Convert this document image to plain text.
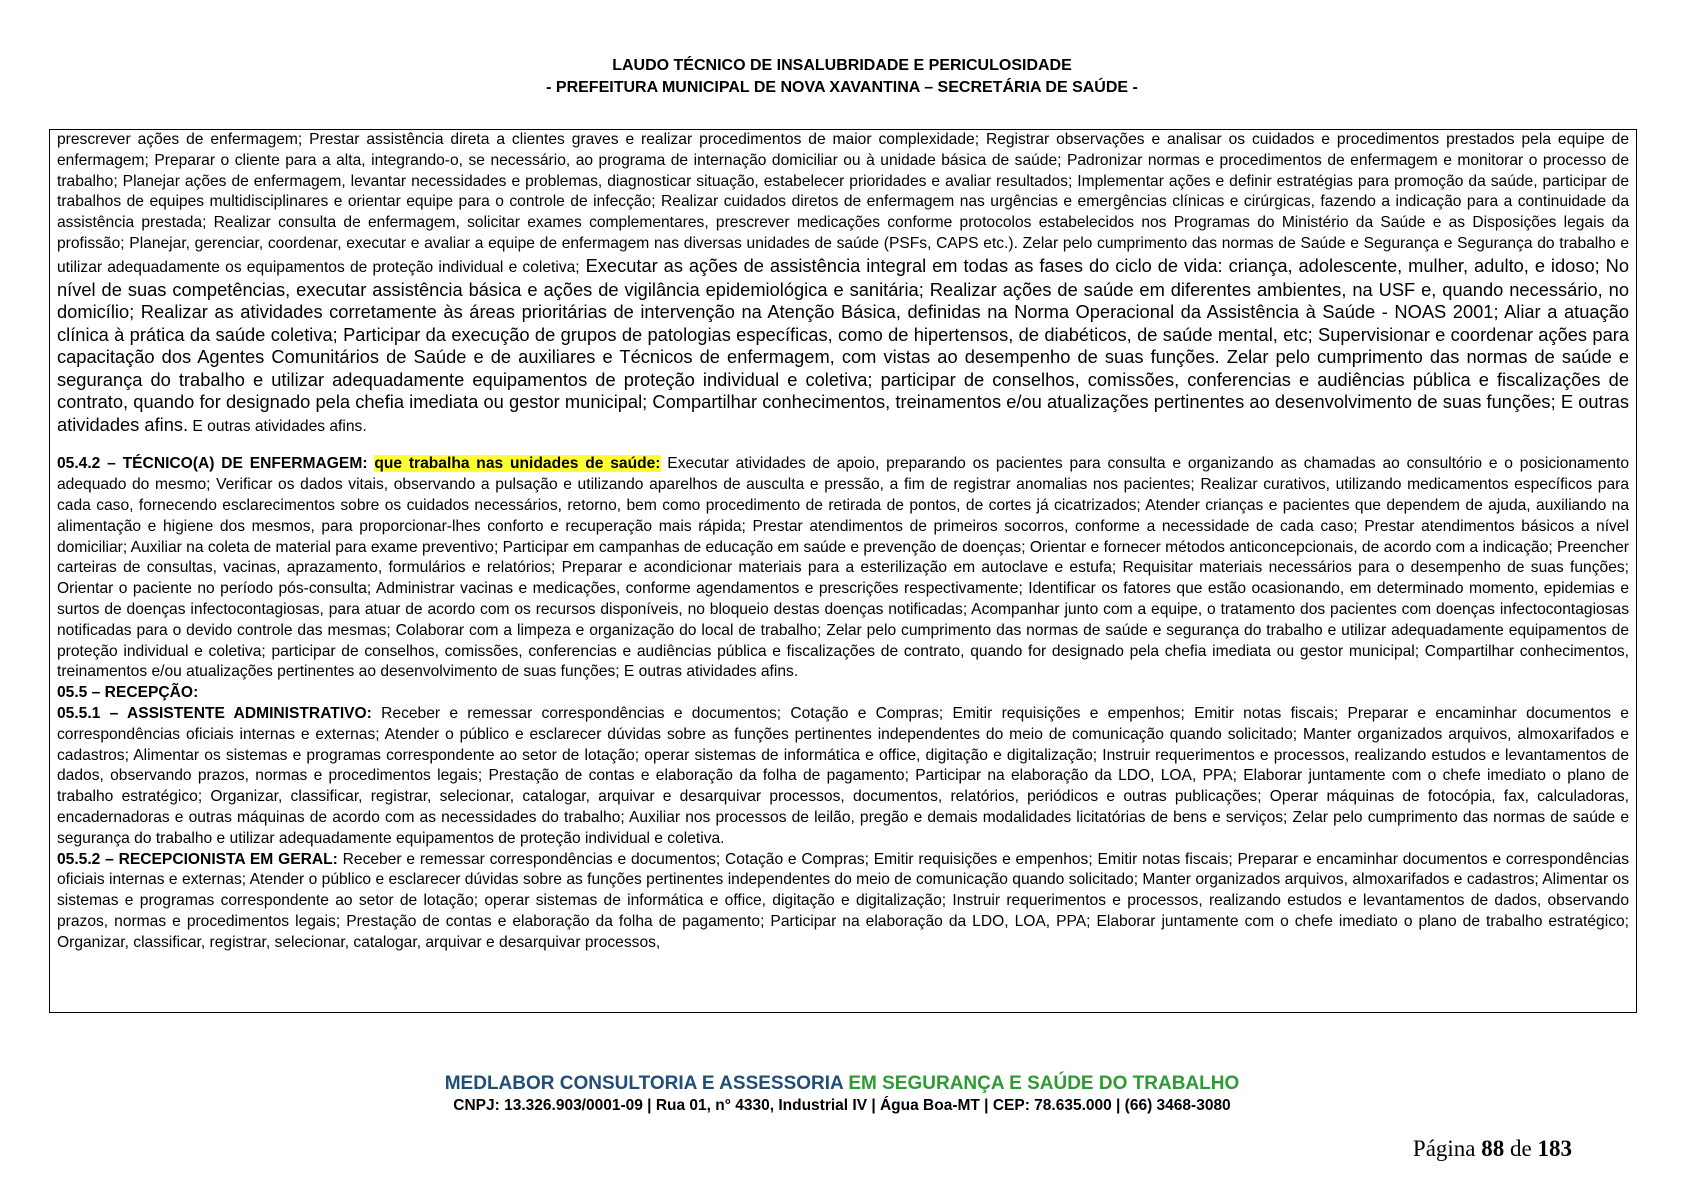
LAUDO TÉCNICO DE INSALUBRIDADE E PERICULOSIDADE
- PREFEITURA MUNICIPAL DE NOVA XAVANTINA – SECRETÁRIA DE SAÚDE -

prescrever ações de enfermagem; Prestar assistência direta a clientes graves e realizar procedimentos de maior complexidade; Registrar observações e analisar os cuidados e procedimentos prestados pela equipe de enfermagem; Preparar o cliente para a alta, integrando-o, se necessário, ao programa de internação domiciliar ou à unidade básica de saúde; Padronizar normas e procedimentos de enfermagem e monitorar o processo de trabalho; Planejar ações de enfermagem, levantar necessidades e problemas, diagnosticar situação, estabelecer prioridades e avaliar resultados; Implementar ações e definir estratégias para promoção da saúde, participar de trabalhos de equipes multidisciplinares e orientar equipe para o controle de infecção; Realizar cuidados diretos de enfermagem nas urgências e emergências clínicas e cirúrgicas, fazendo a indicação para a continuidade da assistência prestada; Realizar consulta de enfermagem, solicitar exames complementares, prescrever medicações conforme protocolos estabelecidos nos Programas do Ministério da Saúde e as Disposições legais da profissão; Planejar, gerenciar, coordenar, executar e avaliar a equipe de enfermagem nas diversas unidades de saúde (PSFs, CAPS etc.). Zelar pelo cumprimento das normas de Saúde e Segurança e Segurança do trabalho e utilizar adequadamente os equipamentos de proteção individual e coletiva; Executar as ações de assistência integral em todas as fases do ciclo de vida: criança, adolescente, mulher, adulto, e idoso; No nível de suas competências, executar assistência básica e ações de vigilância epidemiológica e sanitária; Realizar ações de saúde em diferentes ambientes, na USF e, quando necessário, no domicílio; Realizar as atividades corretamente às áreas prioritárias de intervenção na Atenção Básica, definidas na Norma Operacional da Assistência à Saúde - NOAS 2001; Aliar a atuação clínica à prática da saúde coletiva; Participar da execução de grupos de patologias específicas, como de hipertensos, de diabéticos, de saúde mental, etc; Supervisionar e coordenar ações para capacitação dos Agentes Comunitários de Saúde e de auxiliares e Técnicos de enfermagem, com vistas ao desempenho de suas funções. Zelar pelo cumprimento das normas de saúde e segurança do trabalho e utilizar adequadamente equipamentos de proteção individual e coletiva; participar de conselhos, comissões, conferencias e audiências pública e fiscalizações de contrato, quando for designado pela chefia imediata ou gestor municipal; Compartilhar conhecimentos, treinamentos e/ou atualizações pertinentes ao desenvolvimento de suas funções; E outras atividades afins. E outras atividades afins.

05.4.2 – TÉCNICO(A) DE ENFERMAGEM: que trabalha nas unidades de saúde: Executar atividades de apoio, preparando os pacientes para consulta e organizando as chamadas ao consultório e o posicionamento adequado do mesmo; Verificar os dados vitais, observando a pulsação e utilizando aparelhos de ausculta e pressão, a fim de registrar anomalias nos pacientes; Realizar curativos, utilizando medicamentos específicos para cada caso, fornecendo esclarecimentos sobre os cuidados necessários, retorno, bem como procedimento de retirada de pontos, de cortes já cicatrizados; Atender crianças e pacientes que dependem de ajuda, auxiliando na alimentação e higiene dos mesmos, para proporcionar-lhes conforto e recuperação mais rápida; Prestar atendimentos de primeiros socorros, conforme a necessidade de cada caso; Prestar atendimentos básicos a nível domiciliar; Auxiliar na coleta de material para exame preventivo; Participar em campanhas de educação em saúde e prevenção de doenças; Orientar e fornecer métodos anticoncepcionais, de acordo com a indicação; Preencher carteiras de consultas, vacinas, aprazamento, formulários e relatórios; Preparar e acondicionar materiais para a esterilização em autoclave e estufa; Requisitar materiais necessários para o desempenho de suas funções; Orientar o paciente no período pós-consulta; Administrar vacinas e medicações, conforme agendamentos e prescrições respectivamente; Identificar os fatores que estão ocasionando, em determinado momento, epidemias e surtos de doenças infectocontagiosas, para atuar de acordo com os recursos disponíveis, no bloqueio destas doenças notificadas; Acompanhar junto com a equipe, o tratamento dos pacientes com doenças infectocontagiosas notificadas para o devido controle das mesmas; Colaborar com a limpeza e organização do local de trabalho; Zelar pelo cumprimento das normas de saúde e segurança do trabalho e utilizar adequadamente equipamentos de proteção individual e coletiva; participar de conselhos, comissões, conferencias e audiências pública e fiscalizações de contrato, quando for designado pela chefia imediata ou gestor municipal; Compartilhar conhecimentos, treinamentos e/ou atualizações pertinentes ao desenvolvimento de suas funções; E outras atividades afins.

05.5 – RECEPÇÃO:

05.5.1 – ASSISTENTE ADMINISTRATIVO: Receber e remessar correspondências e documentos; Cotação e Compras; Emitir requisições e empenhos; Emitir notas fiscais; Preparar e encaminhar documentos e correspondências oficiais internas e externas; Atender o público e esclarecer dúvidas sobre as funções pertinentes independentes do meio de comunicação quando solicitado; Manter organizados arquivos, almoxarifados e cadastros; Alimentar os sistemas e programas correspondente ao setor de lotação; operar sistemas de informática e office, digitação e digitalização; Instruir requerimentos e processos, realizando estudos e levantamentos de dados, observando prazos, normas e procedimentos legais; Prestação de contas e elaboração da folha de pagamento; Participar na elaboração da LDO, LOA, PPA; Elaborar juntamente com o chefe imediato o plano de trabalho estratégico; Organizar, classificar, registrar, selecionar, catalogar, arquivar e desarquivar processos, documentos, relatórios, periódicos e outras publicações; Operar máquinas de fotocópia, fax, calculadoras, encadernadoras e outras máquinas de acordo com as necessidades do trabalho; Auxiliar nos processos de leilão, pregão e demais modalidades licitatórias de bens e serviços; Zelar pelo cumprimento das normas de saúde e segurança do trabalho e utilizar adequadamente equipamentos de proteção individual e coletiva.

05.5.2 – RECEPCIONISTA EM GERAL: Receber e remessar correspondências e documentos; Cotação e Compras; Emitir requisições e empenhos; Emitir notas fiscais; Preparar e encaminhar documentos e correspondências oficiais internas e externas; Atender o público e esclarecer dúvidas sobre as funções pertinentes independentes do meio de comunicação quando solicitado; Manter organizados arquivos, almoxarifados e cadastros; Alimentar os sistemas e programas correspondente ao setor de lotação; operar sistemas de informática e office, digitação e digitalização; Instruir requerimentos e processos, realizando estudos e levantamentos de dados, observando prazos, normas e procedimentos legais; Prestação de contas e elaboração da folha de pagamento; Participar na elaboração da LDO, LOA, PPA; Elaborar juntamente com o chefe imediato o plano de trabalho estratégico; Organizar, classificar, registrar, selecionar, catalogar, arquivar e desarquivar processos,

MEDLABOR CONSULTORIA E ASSESSORIA EM SEGURANÇA E SAÚDE DO TRABALHO
CNPJ: 13.326.903/0001-09 | Rua 01, n° 4330, Industrial IV | Água Boa-MT | CEP: 78.635.000 | (66) 3468-3080
Página 88 de 183
